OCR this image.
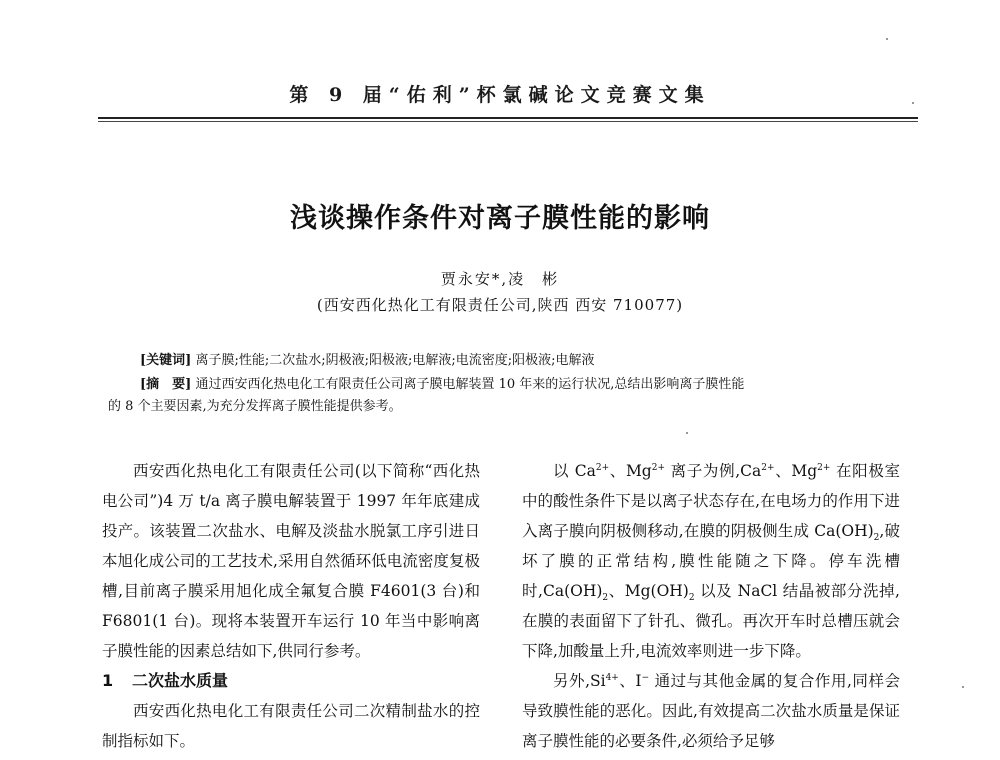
第 9 届“佑利”杯氯碱论文竞赛文集
浅谈操作条件对离子膜性能的影响
贾永安*,凌　彬
(西安西化热化工有限责任公司,陕西 西安 710077)
[关键词] 离子膜;性能;二次盐水;阴极液;阳极液;电解液;电流密度;阳极液;电解液
[摘　要] 通过西安西化热电化工有限责任公司离子膜电解装置 10 年来的运行状况,总结出影响离子膜性能
的 8 个主要因素,为充分发挥离子膜性能提供参考。

西安西化热电化工有限责任公司(以下简称“西化热电公司”)4 万 t/a 离子膜电解装置于 1997 年年底建成投产。该装置二次盐水、电解及淡盐水脱氯工序引进日本旭化成公司的工艺技术,采用自然循环低电流密度复极槽,目前离子膜采用旭化成全氟复合膜 F4601(3 台)和 F6801(1 台)。现将本装置开车运行 10 年当中影响离子膜性能的因素总结如下,供同行参考。

1 二次盐水质量

西安西化热电化工有限责任公司二次精制盐水的控制指标如下。

以 $Ca^{2+}$、$Mg^{2+}$ 离子为例$,Ca^{2+}$、$Mg^{2+}$ 在阳极室中的酸性条件下是以离子状态存在,在电场力的作用下进入离子膜向阴极侧移动,在膜的阴极侧生成 $Ca(OH)_2$,破坏了膜的正常结构,膜性能随之下降。停车洗槽时$,Ca(OH)_2$、$Mg(OH)_2$ 以及 NaCl 结晶被部分洗掉,在膜的表面留下了针孔、微孔。再次开车时总槽压就会下降,加酸量上升,电流效率则进一步下降。

另外$,Si^{4+}$、I− 通过与其他金属的复合作用,同样会导致膜性能的恶化。因此,有效提高二次盐水质量是保证离子膜性能的必要条件,必须给予足够
